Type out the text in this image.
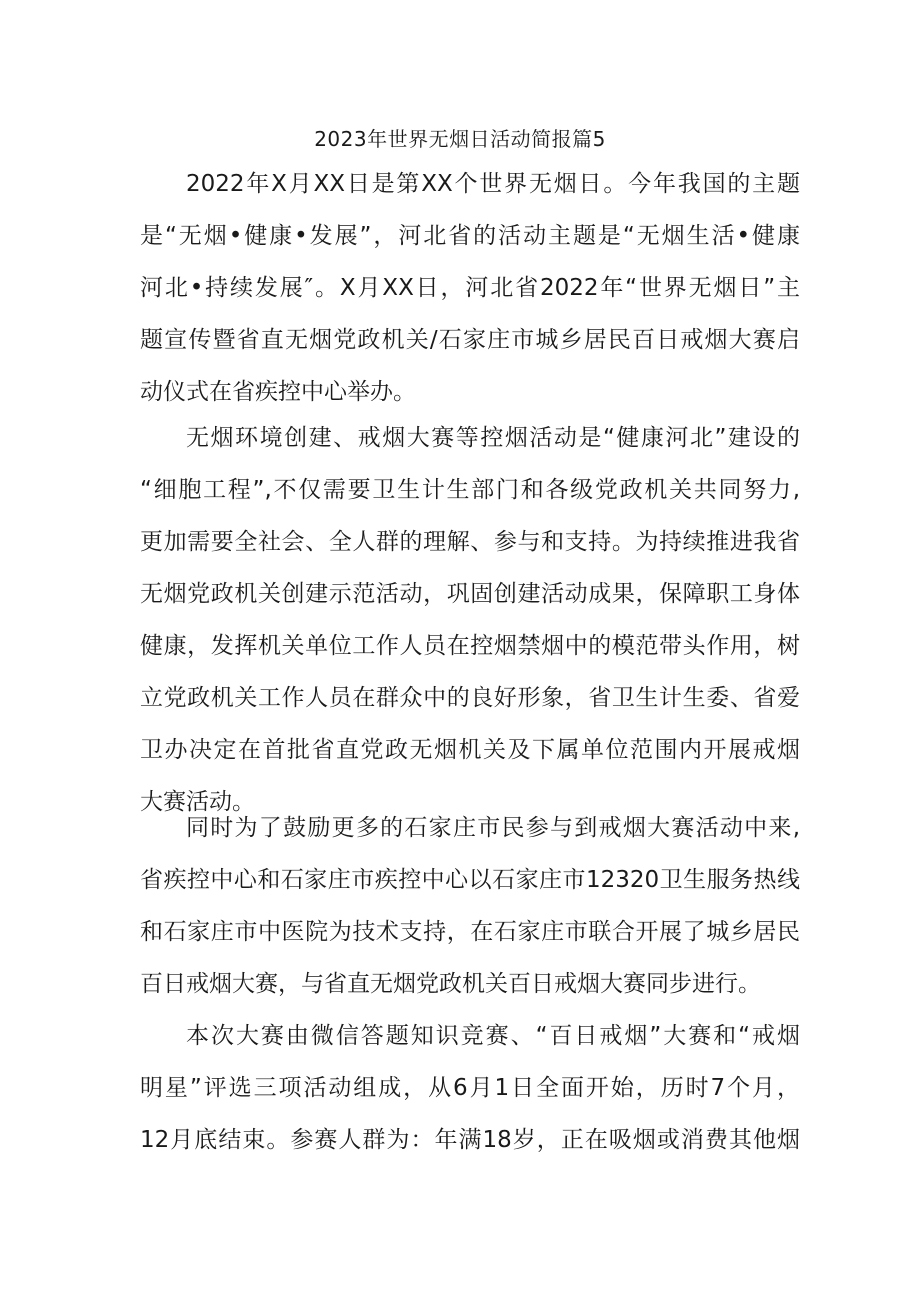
2023年世界无烟日活动简报篇5
2022年X月XX日是第XX个世界无烟日。今年我国的主题
是“无烟•健康•发展”，河北省的活动主题是“无烟生活•健康
河北•持续发展″。X月XX日，河北省2022年“世界无烟日”主
题宣传暨省直无烟党政机关/石家庄市城乡居民百日戒烟大赛启
动仪式在省疾控中心举办。
无烟环境创建、戒烟大赛等控烟活动是“健康河北”建设的
“细胞工程”,不仅需要卫生计生部门和各级党政机关共同努力,
更加需要全社会、全人群的理解、参与和支持。为持续推进我省
无烟党政机关创建示范活动，巩固创建活动成果，保障职工身体
健康，发挥机关单位工作人员在控烟禁烟中的模范带头作用，树
立党政机关工作人员在群众中的良好形象，省卫生计生委、省爱
卫办决定在首批省直党政无烟机关及下属单位范围内开展戒烟
大赛活动。
同时为了鼓励更多的石家庄市民参与到戒烟大赛活动中来,
省疾控中心和石家庄市疾控中心以石家庄市12320卫生服务热线
和石家庄市中医院为技术支持，在石家庄市联合开展了城乡居民
百日戒烟大赛，与省直无烟党政机关百日戒烟大赛同步进行。
本次大赛由微信答题知识竞赛、“百日戒烟”大赛和“戒烟
明星”评选三项活动组成，从6月1日全面开始，历时7个月，
12月底结束。参赛人群为：年满18岁，正在吸烟或消费其他烟
